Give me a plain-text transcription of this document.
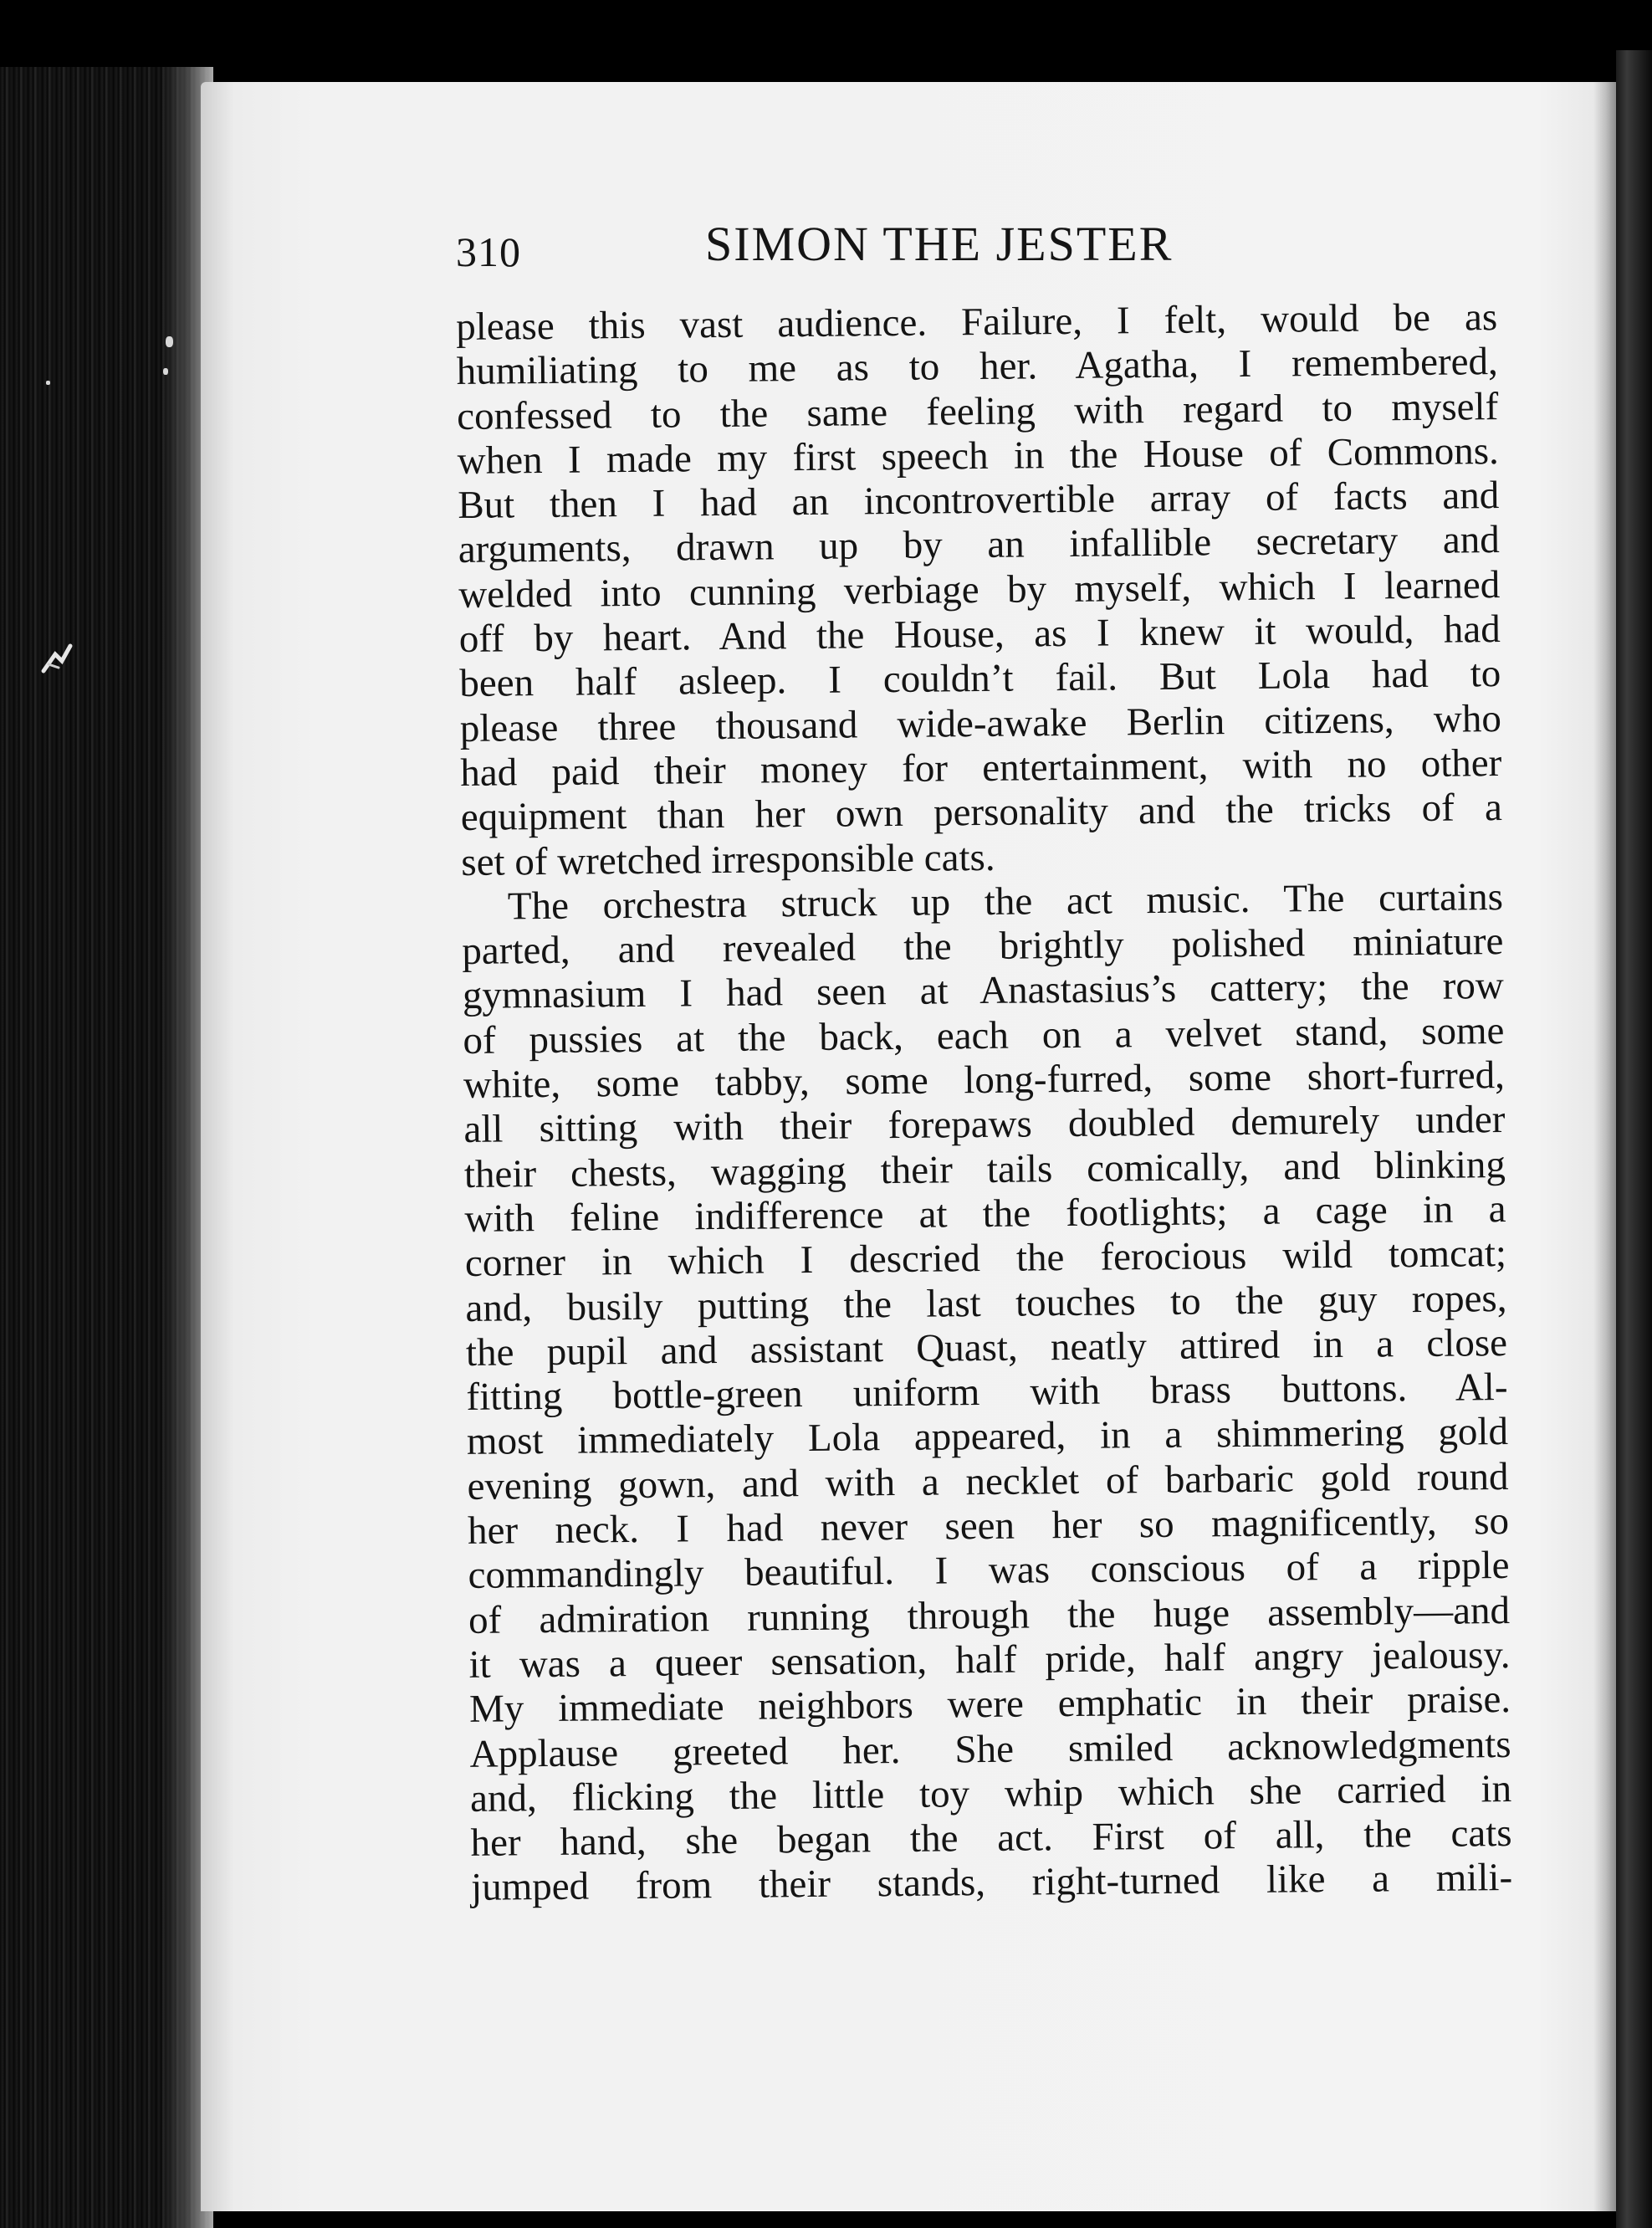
310	SIMON THE JESTER
please this vast audience. Failure, I felt, would be as
humiliating to me as to her. Agatha, I remembered,
confessed to the same feeling with regard to myself
when I made my first speech in the House of Commons.
But then I had an incontrovertible array of facts and
arguments, drawn up by an infallible secretary and
welded into cunning verbiage by myself, which I learned
off by heart. And the House, as I knew it would, had
been half asleep. I couldn’t fail. But Lola had to
please three thousand wide-awake Berlin citizens, who
had paid their money for entertainment, with no other
equipment than her own personality and the tricks of a
set of wretched irresponsible cats.
The orchestra struck up the act music. The curtains
parted, and revealed the brightly polished miniature
gymnasium I had seen at Anastasius’s cattery; the row
of pussies at the back, each on a velvet stand, some
white, some tabby, some long-furred, some short-furred,
all sitting with their forepaws doubled demurely under
their chests, wagging their tails comically, and blinking
with feline indifference at the footlights; a cage in a
corner in which I descried the ferocious wild tomcat;
and, busily putting the last touches to the guy ropes,
the pupil and assistant Quast, neatly attired in a close
fitting bottle-green uniform with brass buttons. Al-
most immediately Lola appeared, in a shimmering gold
evening gown, and with a necklet of barbaric gold round
her neck. I had never seen her so magnificently, so
commandingly beautiful. I was conscious of a ripple
of admiration running through the huge assembly—and
it was a queer sensation, half pride, half angry jealousy.
My immediate neighbors were emphatic in their praise.
Applause greeted her. She smiled acknowledgments
and, flicking the little toy whip which she carried in
her hand, she began the act. First of all, the cats
jumped from their stands, right-turned like a mili-
